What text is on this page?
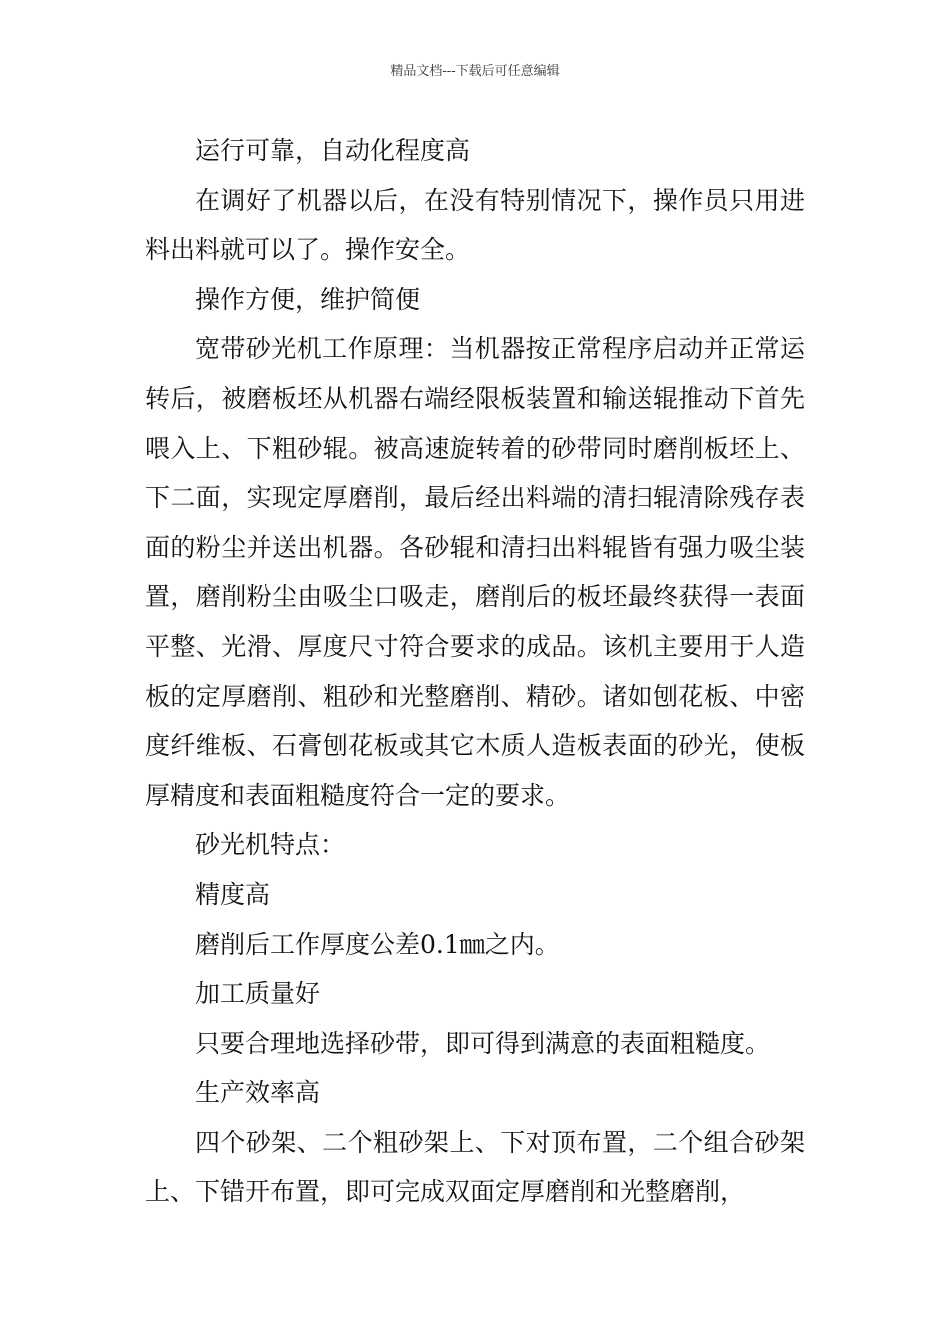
精品文档---下载后可任意编辑

运行可靠，自动化程度高

在调好了机器以后，在没有特别情况下，操作员只用进料出料就可以了。操作安全。

操作方便，维护简便

宽带砂光机工作原理：当机器按正常程序启动并正常运转后，被磨板坯从机器右端经限板装置和输送辊推动下首先喂入上、下粗砂辊。被高速旋转着的砂带同时磨削板坯上、下二面，实现定厚磨削，最后经出料端的清扫辊清除残存表面的粉尘并送出机器。各砂辊和清扫出料辊皆有强力吸尘装置，磨削粉尘由吸尘口吸走，磨削后的板坯最终获得一表面平整、光滑、厚度尺寸符合要求的成品。该机主要用于人造板的定厚磨削、粗砂和光整磨削、精砂。诸如刨花板、中密度纤维板、石膏刨花板或其它木质人造板表面的砂光，使板厚精度和表面粗糙度符合一定的要求。

砂光机特点：

精度高

磨削后工作厚度公差0.1㎜之内。

加工质量好

只要合理地选择砂带，即可得到满意的表面粗糙度。

生产效率高

四个砂架、二个粗砂架上、下对顶布置，二个组合砂架上、下错开布置，即可完成双面定厚磨削和光整磨削，
